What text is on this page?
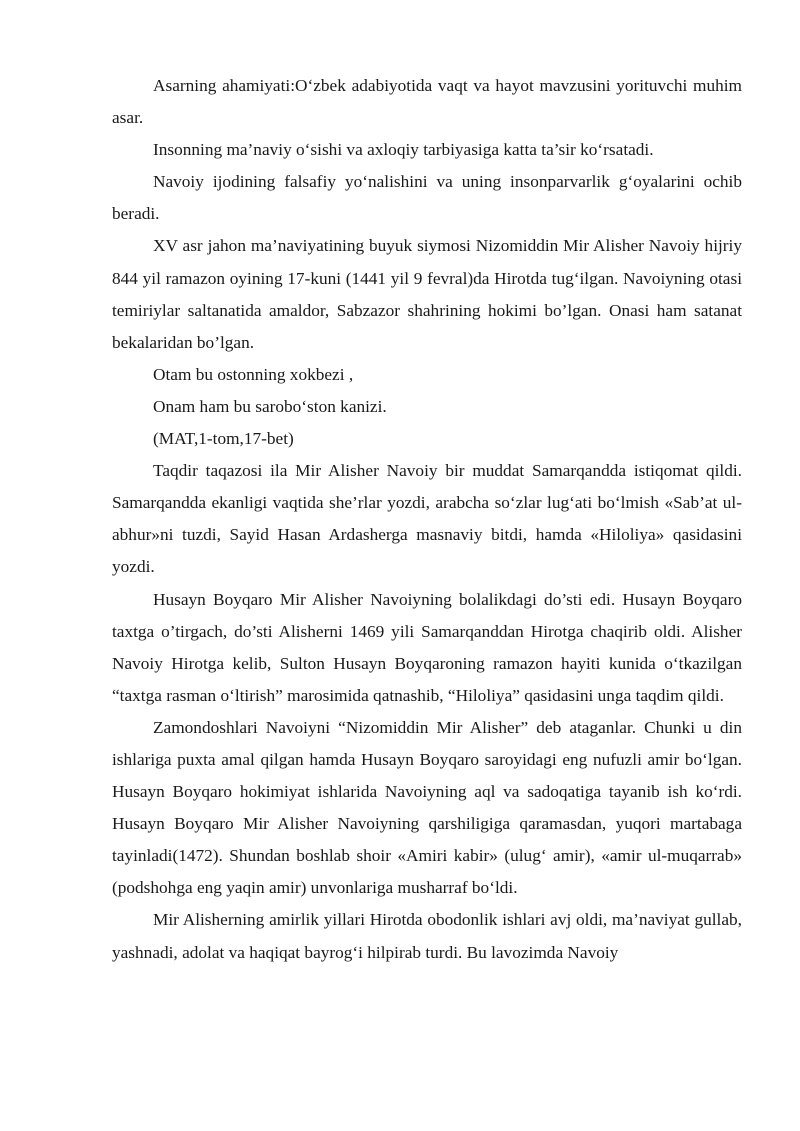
Asarning ahamiyati:O‘zbek adabiyotida vaqt va hayot mavzusini yorituvchi muhim asar.

Insonning ma’naviy o‘sishi va axloqiy tarbiyasiga katta ta’sir ko‘rsatadi.

Navoiy ijodining falsafiy yo‘nalishini va uning insonparvarlik g‘oyalarini ochib beradi.

XV asr jahon ma’naviyatining buyuk siymosi Nizomiddin Mir Alisher Navoiy hijriy 844 yil ramazon oyining 17-kuni (1441 yil 9 fevral)da Hirotda tug‘ilgan. Navoiyning otasi temiriylar saltanatida amaldor, Sabzazor shahrining hokimi bo’lgan. Onasi ham satanat bekalaridan bo’lgan.

Otam bu ostonning xokbezi ,

Onam ham bu sarobo‘ston kanizi.

(MAT,1-tom,17-bet)

Taqdir taqazosi ila Mir Alisher Navoiy bir muddat Samarqandda istiqomat qildi. Samarqandda ekanligi vaqtida she’rlar yozdi, arabcha so‘zlar lug‘ati bo‘lmish «Sab’at ul-abhur»ni tuzdi, Sayid Hasan Ardasherga masnaviy bitdi, hamda «Hiloliya» qasidasini yozdi.

Husayn Boyqaro Mir Alisher Navoiyning bolalikdagi do’sti edi. Husayn Boyqaro taxtga o’tirgach, do’sti Alisherni 1469 yili Samarqanddan Hirotga chaqirib oldi. Alisher Navoiy Hirotga kelib, Sulton Husayn Boyqaroning ramazon hayiti kunida o‘tkazilgan “taxtga rasman o‘ltirish” marosimida qatnashib, “Hiloliya” qasidasini unga taqdim qildi.

Zamondoshlari Navoiyni “Nizomiddin Mir Alisher” deb ataganlar. Chunki u din ishlariga puxta amal qilgan hamda Husayn Boyqaro saroyidagi eng nufuzli amir bo‘lgan. Husayn Boyqaro hokimiyat ishlarida Navoiyning aql va sadoqatiga tayanib ish ko‘rdi. Husayn Boyqaro Mir Alisher Navoiyning qarshiligiga qaramasdan, yuqori martabaga tayinladi(1472). Shundan boshlab shoir «Amiri kabir» (ulug‘ amir), «amir ul-muqarrab» (podshohga eng yaqin amir) unvonlariga musharraf bo‘ldi.

Mir Alisherning amirlik yillari Hirotda obodonlik ishlari avj oldi, ma’naviyat gullab, yashnadi, adolat va haqiqat bayrog‘i hilpirab turdi. Bu lavozimda Navoiy
